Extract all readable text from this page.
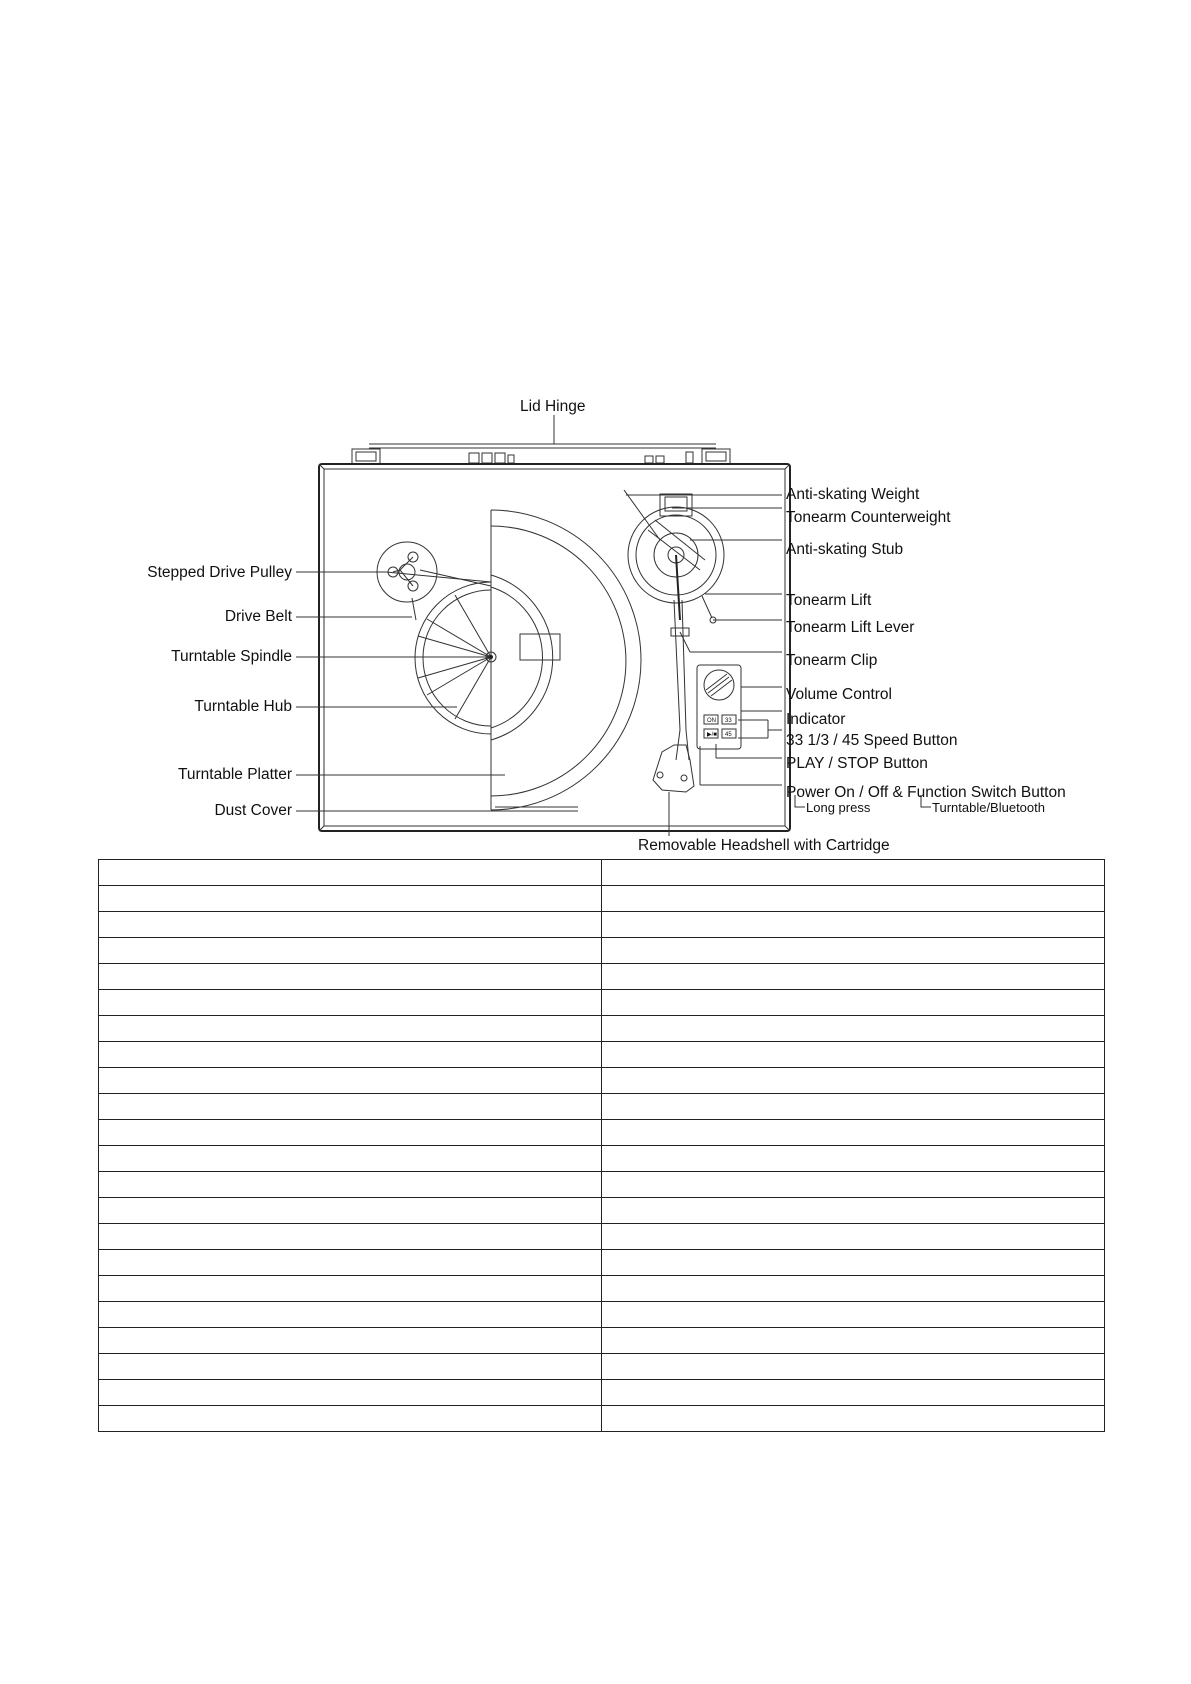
ON 33
45
▶/■
Lid Hinge
Stepped Drive Pulley
Drive Belt
Turntable Spindle
Turntable Hub
Turntable Platter
Dust Cover
Anti-skating Weight
Tonearm Counterweight
Anti-skating Stub
Tonearm Lift
Tonearm Lift Lever
Tonearm Clip
Volume Control
Indicator
33 1/3 / 45 Speed Button
PLAY / STOP Button
Power On / Off & Function Switch Button
Long press	Turntable/Bluetooth
Removable Headshell with Cartridge
